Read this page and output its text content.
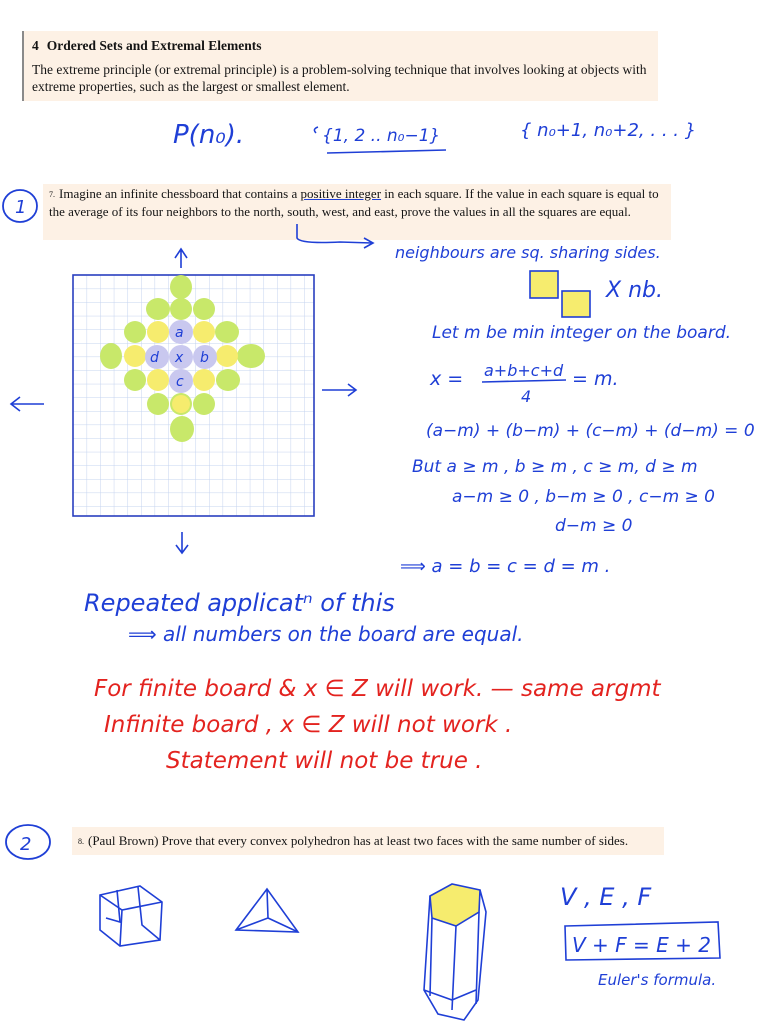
4 Ordered Sets and Extremal Elements
The extreme principle (or extremal principle) is a problem-solving technique that involves looking at objects with extreme properties, such as the largest or smallest element.
7. Imagine an infinite chessboard that contains a positive integer in each square. If the value in each square is equal to the average of its four neighbors to the north, south, west, and east, prove the values in all the squares are equal.
8. (Paul Brown) Prove that every convex polyhedron has at least two faces with the same number of sides.
P(n₀).	{1, 2 .. n₀−1}	{ n₀+1, n₀+2, . . . }
1
neighbours are sq. sharing sides.
X nb.
a
b
c
d x
Let m be min integer on the board.
x = a+b+c+d
4
= m.
(a−m) + (b−m) + (c−m) + (d−m) = 0
But a ≥ m , b ≥ m , c ≥ m, d ≥ m
a−m ≥ 0 , b−m ≥ 0 , c−m ≥ 0
d−m ≥ 0
⟹ a = b = c = d = m .
Repeated applicatⁿ of this
⟹ all numbers on the board are equal.
For finite board & x ∈ Z will work. — same argmt
Infinite board , x ∈ Z will not work .
Statement will not be true .
2
V , E , F
V + F = E + 2
Euler's formula.
